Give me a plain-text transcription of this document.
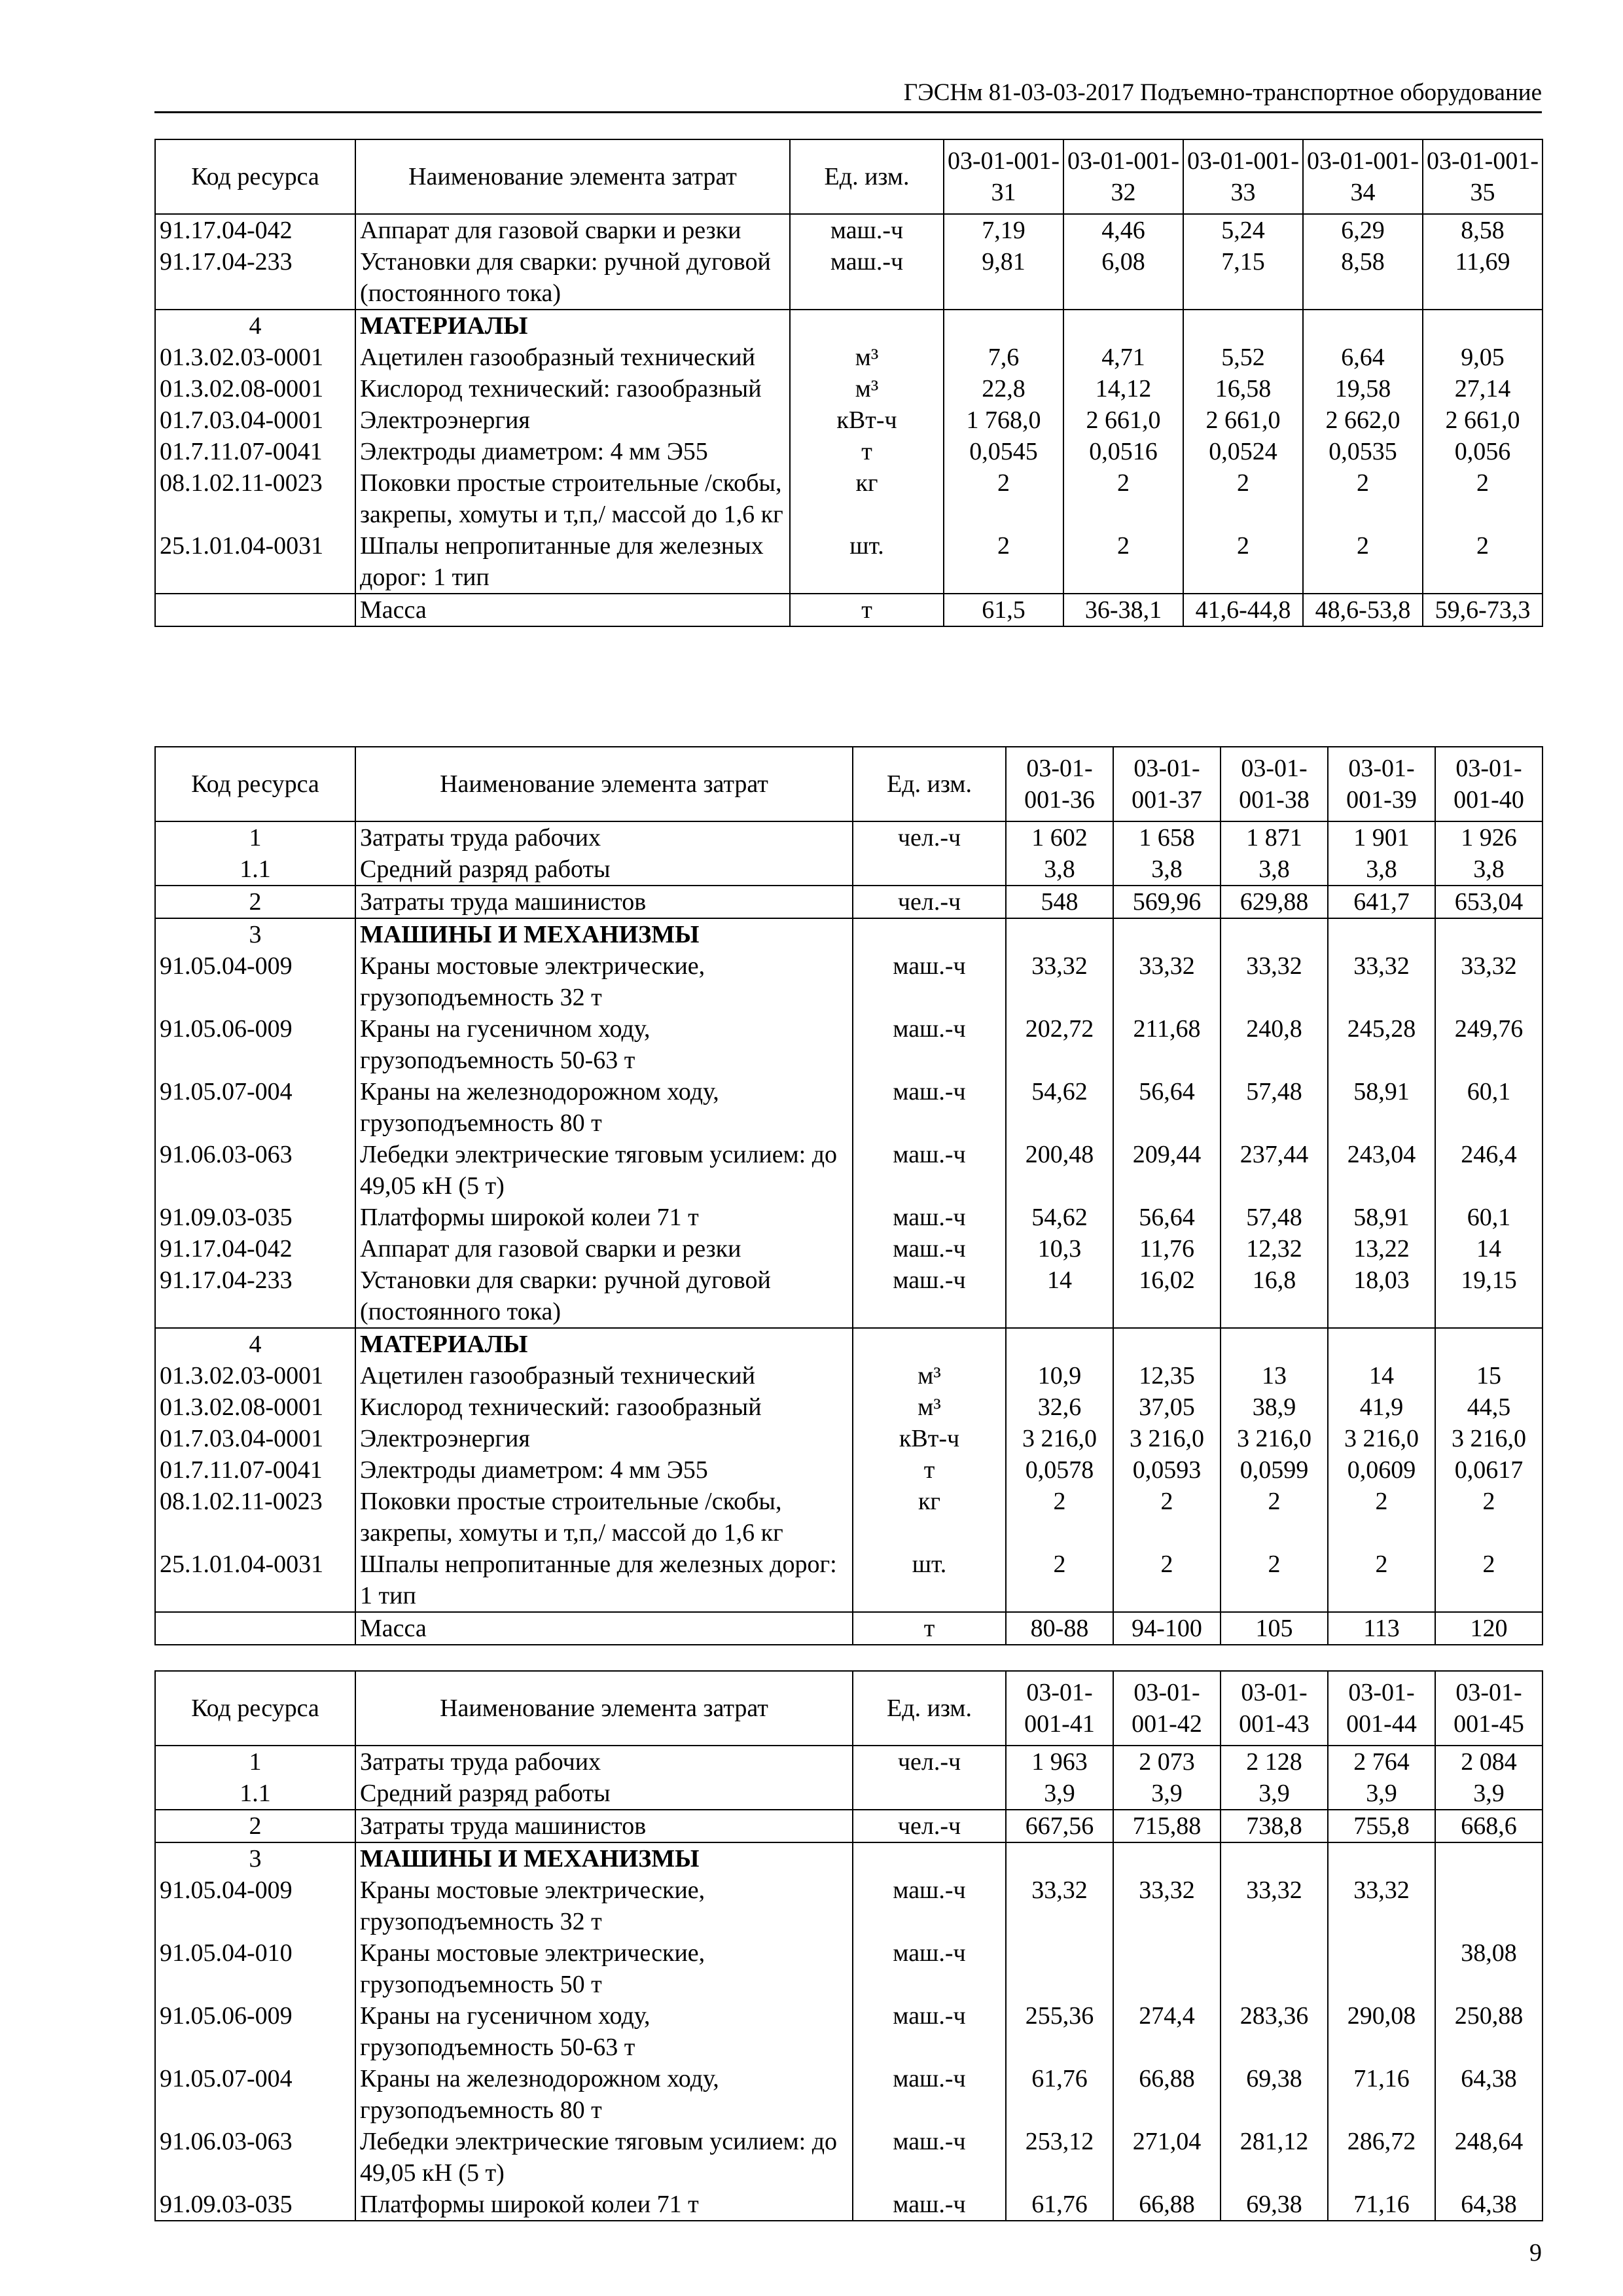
ГЭСНм 81-03-03-2017 Подъемно-транспортное оборудование
Код ресурса	Наименование элемента затрат	Ед. изм.	03-01-001-31	03-01-001-32	03-01-001-33	03-01-001-34	03-01-001-35
91.17.04-042	Аппарат для газовой сварки и резки	маш.-ч	7,19	4,46	5,24	6,29	8,58
91.17.04-233	Установки для сварки: ручной дуговой (постоянного тока)	маш.-ч	9,81	6,08	7,15	8,58	11,69
4	МАТЕРИАЛЫ						
01.3.02.03-0001	Ацетилен газообразный технический	м³	7,6	4,71	5,52	6,64	9,05
01.3.02.08-0001	Кислород технический: газообразный	м³	22,8	14,12	16,58	19,58	27,14
01.7.03.04-0001	Электроэнергия	кВт-ч	1 768,0	2 661,0	2 661,0	2 662,0	2 661,0
01.7.11.07-0041	Электроды диаметром: 4 мм Э55	т	0,0545	0,0516	0,0524	0,0535	0,056
08.1.02.11-0023	Поковки простые строительные /скобы, закрепы, хомуты и т,п,/ массой до 1,6 кг	кг	2	2	2	2	2
25.1.01.04-0031	Шпалы непропитанные для железных дорог: 1 тип	шт.	2	2	2	2	2
	Масса	т	61,5	36-38,1	41,6-44,8	48,6-53,8	59,6-73,3
Код ресурса	Наименование элемента затрат	Ед. изм.	03-01-001-36	03-01-001-37	03-01-001-38	03-01-001-39	03-01-001-40
1	Затраты труда рабочих	чел.-ч	1 602	1 658	1 871	1 901	1 926
1.1	Средний разряд работы		3,8	3,8	3,8	3,8	3,8
2	Затраты труда машинистов	чел.-ч	548	569,96	629,88	641,7	653,04
3	МАШИНЫ И МЕХАНИЗМЫ						
91.05.04-009	Краны мостовые электрические, грузоподъемность 32 т	маш.-ч	33,32	33,32	33,32	33,32	33,32
91.05.06-009	Краны на гусеничном ходу, грузоподъемность 50-63 т	маш.-ч	202,72	211,68	240,8	245,28	249,76
91.05.07-004	Краны на железнодорожном ходу, грузоподъемность 80 т	маш.-ч	54,62	56,64	57,48	58,91	60,1
91.06.03-063	Лебедки электрические тяговым усилием: до 49,05 кН (5 т)	маш.-ч	200,48	209,44	237,44	243,04	246,4
91.09.03-035	Платформы широкой колеи 71 т	маш.-ч	54,62	56,64	57,48	58,91	60,1
91.17.04-042	Аппарат для газовой сварки и резки	маш.-ч	10,3	11,76	12,32	13,22	14
91.17.04-233	Установки для сварки: ручной дуговой (постоянного тока)	маш.-ч	14	16,02	16,8	18,03	19,15
4	МАТЕРИАЛЫ						
01.3.02.03-0001	Ацетилен газообразный технический	м³	10,9	12,35	13	14	15
01.3.02.08-0001	Кислород технический: газообразный	м³	32,6	37,05	38,9	41,9	44,5
01.7.03.04-0001	Электроэнергия	кВт-ч	3 216,0	3 216,0	3 216,0	3 216,0	3 216,0
01.7.11.07-0041	Электроды диаметром: 4 мм Э55	т	0,0578	0,0593	0,0599	0,0609	0,0617
08.1.02.11-0023	Поковки простые строительные /скобы, закрепы, хомуты и т,п,/ массой до 1,6 кг	кг	2	2	2	2	2
25.1.01.04-0031	Шпалы непропитанные для железных дорог: 1 тип	шт.	2	2	2	2	2
	Масса	т	80-88	94-100	105	113	120
Код ресурса	Наименование элемента затрат	Ед. изм.	03-01-001-41	03-01-001-42	03-01-001-43	03-01-001-44	03-01-001-45
1	Затраты труда рабочих	чел.-ч	1 963	2 073	2 128	2 764	2 084
1.1	Средний разряд работы		3,9	3,9	3,9	3,9	3,9
2	Затраты труда машинистов	чел.-ч	667,56	715,88	738,8	755,8	668,6
3	МАШИНЫ И МЕХАНИЗМЫ						
91.05.04-009	Краны мостовые электрические, грузоподъемность 32 т	маш.-ч	33,32	33,32	33,32	33,32	
91.05.04-010	Краны мостовые электрические, грузоподъемность 50 т	маш.-ч					38,08
91.05.06-009	Краны на гусеничном ходу, грузоподъемность 50-63 т	маш.-ч	255,36	274,4	283,36	290,08	250,88
91.05.07-004	Краны на железнодорожном ходу, грузоподъемность 80 т	маш.-ч	61,76	66,88	69,38	71,16	64,38
91.06.03-063	Лебедки электрические тяговым усилием: до 49,05 кН (5 т)	маш.-ч	253,12	271,04	281,12	286,72	248,64
91.09.03-035	Платформы широкой колеи 71 т	маш.-ч	61,76	66,88	69,38	71,16	64,38
9
